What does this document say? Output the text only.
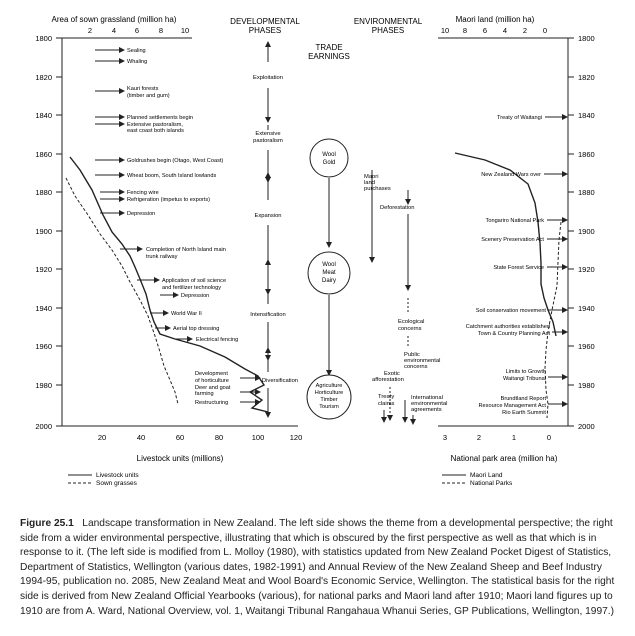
Area of sown grassland (million ha)	DEVELOPMENTAL
PHASES
ENVIRONMENTAL
PHASES
TRADE
EARNINGS
Maori land (million ha)
2	4	6	8 10	10 8 6 4 2 0
1800
1820
1840
1860
1880
1900
1920
1940
1960
1980
2000
1800
1820
1840
1860
1880
1900
1920
1940
1960
1980
2000
20	40	60	80	100	120
Livestock units (millions)
3	2	1	0
National park area (million ha)
Livestock units
Sown grasses
Maori Land
National Parks
Sealing
Whaling
Kauri forests
(timber and gum)
Planned settlements begin
Extensive pastoralism,
east coast both islands
Goldrushes begin (Otago, West Coast)
Wheat boom, South Island lowlands
Fencing wire
Refrigeration (impetus to exports)
Depression
Completion of North Island main
trunk railway
Application of soil science
and fertilizer technology
Depression
World War II
Aerial top dressing
Electrical fencing
Development
of horticulture
Deer and goat
farming
Restructuring
Exploitation
Extensive
pastoralism
Expansion
Intensification
Diversification
Wool
Gold
Wool
Meat
Dairy
Agriculture
Horticulture
Timber
Tourism
Maori
land
purchases
Deforestation
Ecological
concerns
Public
environmental
concerns
Exotic
afforestation
Treaty
claims
International
environmental
agreements
Treaty of Waitangi
New Zealand Wars over
Tongariro National Park
Scenery Preservation Act
State Forest Service
Soil conservation movement
Catchment authorities established
Town & Country Planning Act
Limits to Growth
Waitangi Tribunal
Brundtland Report
Resource Management Act
Rio Earth Summit
Figure 25.1   Landscape transformation in New Zealand. The left side shows the theme from a developmental perspective; the right side from a wider environmental perspective, illustrating that which is obscured by the first perspective as well as that which is in response to it. (The left side is modified from L. Molloy (1980), with statistics updated from New Zealand Pocket Digest of Statistics, Department of Statistics, Wellington (various dates, 1982-1991) and Annual Review of the New Zealand Sheep and Beef Industry 1994-95, publication no. 2085, New Zealand Meat and Wool Board's Economic Service, Wellington. The statistical basis for the right side is derived from New Zealand Official Yearbooks (various), for national parks and Maori land after 1910; Maori land figures up to 1910 are from A. Ward, National Overview, vol. 1, Waitangi Tribunal Rangahaua Whanui Series, GP Publications, Wellington, 1997.)
